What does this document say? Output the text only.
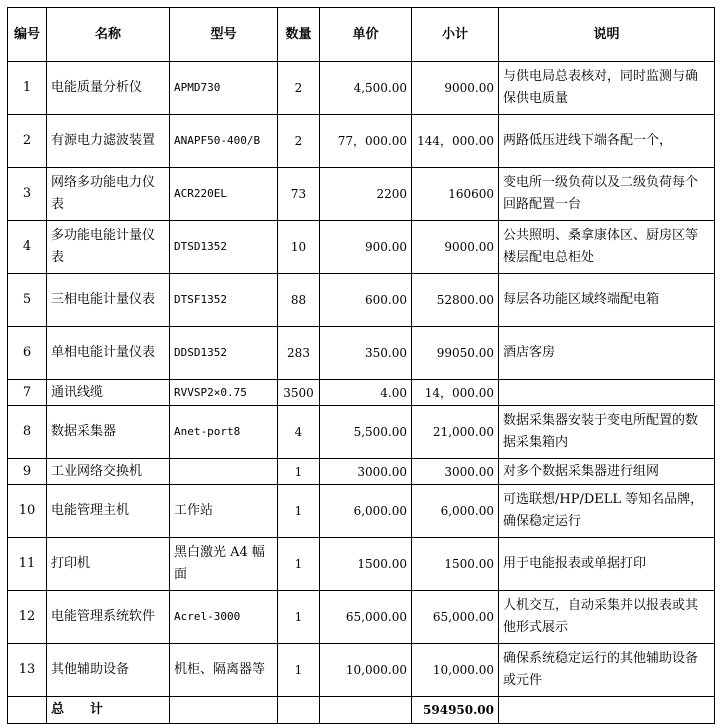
编号	名称	型号	数量	单价	小计	说明
1	电能质量分析仪	APMD730	2	4,500.00	9000.00	与供电局总表核对，同时监测与确保供电质量
2	有源电力滤波装置	ANAPF50-400/B	2	77，000.00	144，000.00	两路低压进线下端各配一个，
3	网络多功能电力仪表	ACR220EL	73	2200	160600	变电所一级负荷以及二级负荷每个回路配置一台
4	多功能电能计量仪表	DTSD1352	10	900.00	9000.00	公共照明、桑拿康体区、厨房区等楼层配电总柜处
5	三相电能计量仪表	DTSF1352	88	600.00	52800.00	每层各功能区域终端配电箱
6	单相电能计量仪表	DDSD1352	283	350.00	99050.00	酒店客房
7	通讯线缆	RVVSP2×0.75	3500	4.00	14，000.00	
8	数据采集器	Anet-port8	4	5,500.00	21,000.00	数据采集器安装于变电所配置的数据采集箱内
9	工业网络交换机		1	3000.00	3000.00	对多个数据采集器进行组网
10	电能管理主机	工作站	1	6,000.00	6,000.00	可选联想/HP/DELL 等知名品牌，确保稳定运行
11	打印机	黑白激光 A4 幅面	1	1500.00	1500.00	用于电能报表或单据打印
12	电能管理系统软件	Acrel-3000	1	65,000.00	65,000.00	人机交互，自动采集并以报表或其他形式展示
13	其他辅助设备	机柜、隔离器等	1	10,000.00	10,000.00	确保系统稳定运行的其他辅助设备或元件
	总　　计				594950.00	
